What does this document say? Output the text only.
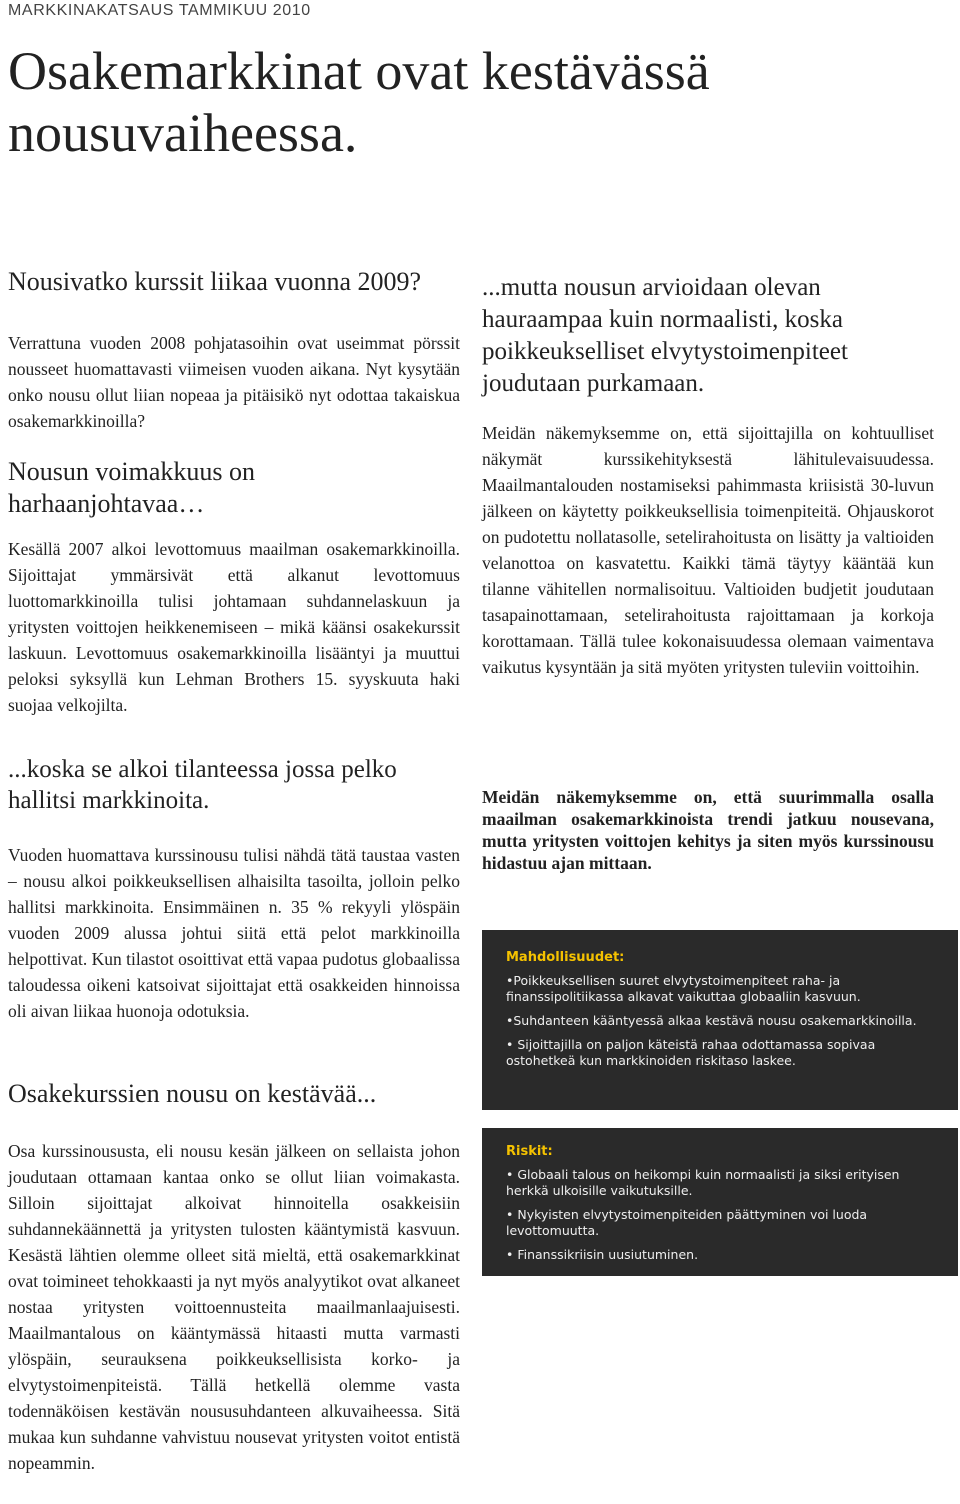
MARKKINAKATSAUS TAMMIKUU 2010
Osakemarkkinat ovat kestävässä nousuvaiheessa.
Nousivatko kurssit liikaa vuonna 2009?

Verrattuna vuoden 2008 pohjatasoihin ovat useimmat pörssit nousseet huomattavasti viimeisen vuoden aikana. Nyt kysytään onko nousu ollut liian nopeaa ja pitäisikö nyt odottaa takaiskua osakemarkkinoilla?

Nousun voimakkuus on harhaanjohtavaa…

Kesällä 2007 alkoi levottomuus maailman osakemarkkinoilla. Sijoittajat ymmärsivät että alkanut levottomuus luottomarkkinoilla tulisi johtamaan suhdannelaskuun ja yritysten voittojen heikkenemiseen – mikä käänsi osakekurssit laskuun. Levottomuus osakemarkkinoilla lisääntyi ja muuttui peloksi syksyllä kun Lehman Brothers 15. syyskuuta haki suojaa velkojilta.

...koska se alkoi tilanteessa jossa pelko hallitsi markkinoita.

Vuoden huomattava kurssinousu tulisi nähdä tätä taustaa vasten – nousu alkoi poikkeuksellisen alhaisilta tasoilta, jolloin pelko hallitsi markkinoita. Ensimmäinen n. 35 % rekyyli ylöspäin vuoden 2009 alussa johtui siitä että pelot markkinoilla helpottivat. Kun tilastot osoittivat että vapaa pudotus globaalissa taloudessa oikeni katsoivat sijoittajat että osakkeiden hinnoissa oli aivan liikaa huonoja odotuksia.

Osakekurssien nousu on kestävää...

Osa kurssinoususta, eli nousu kesän jälkeen on sellaista johon joudutaan ottamaan kantaa onko se ollut liian voimakasta. Silloin sijoittajat alkoivat hinnoitella osakkeisiin suhdannekäännettä ja yritysten tulosten kääntymistä kasvuun. Kesästä lähtien olemme olleet sitä mieltä, että osakemarkkinat ovat toimineet tehokkaasti ja nyt myös analyytikot ovat alkaneet nostaa yritysten voittoennusteita maailmanlaajuisesti. Maailmantalous on kääntymässä hitaasti mutta varmasti ylöspäin, seurauksena poikkeuksellisista korko- ja elvytystoimenpiteistä. Tällä hetkellä olemme vasta todennäköisen kestävän noususuhdanteen alkuvaiheessa. Sitä mukaa kun suhdanne vahvistuu nousevat yritysten voitot entistä nopeammin.

...mutta nousun arvioidaan olevan hauraampaa kuin normaalisti, koska poikkeukselliset elvytystoimenpiteet joudutaan purkamaan.

Meidän näkemyksemme on, että sijoittajilla on kohtuulliset näkymät kurssikehityksestä lähitulevaisuudessa. Maailmantalouden nostamiseksi pahimmasta kriisistä 30-luvun jälkeen on käytetty poikkeuksellisia toimenpiteitä. Ohjauskorot on pudotettu nollatasolle, setelirahoitusta on lisätty ja valtioiden velanottoa on kasvatettu. Kaikki tämä täytyy kääntää kun tilanne vähitellen normalisoituu. Valtioiden budjetit joudutaan tasapainottamaan, setelirahoitusta rajoittamaan ja korkoja korottamaan. Tällä tulee kokonaisuudessa olemaan vaimentava vaikutus kysyntään ja sitä myöten yritysten tuleviin voittoihin.

Meidän näkemyksemme on, että suurimmalla osalla maailman osakemarkkinoista trendi jatkuu nousevana, mutta yritysten voittojen kehitys ja siten myös kurssinousu hidastuu ajan mittaan.

Mahdollisuudet:
•Poikkeuksellisen suuret elvytystoimenpiteet raha- ja finanssipolitiikassa alkavat vaikuttaa globaaliin kasvuun.
•Suhdanteen kääntyessä alkaa kestävä nousu osakemarkkinoilla.
• Sijoittajilla on paljon käteistä rahaa odottamassa sopivaa ostohetkeä kun markkinoiden riskitaso laskee.
Riskit:
• Globaali talous on heikompi kuin normaalisti ja siksi erityisen herkkä ulkoisille vaikutuksille.
• Nykyisten elvytystoimenpiteiden päättyminen voi luoda levottomuutta.
• Finanssikriisin uusiutuminen.
